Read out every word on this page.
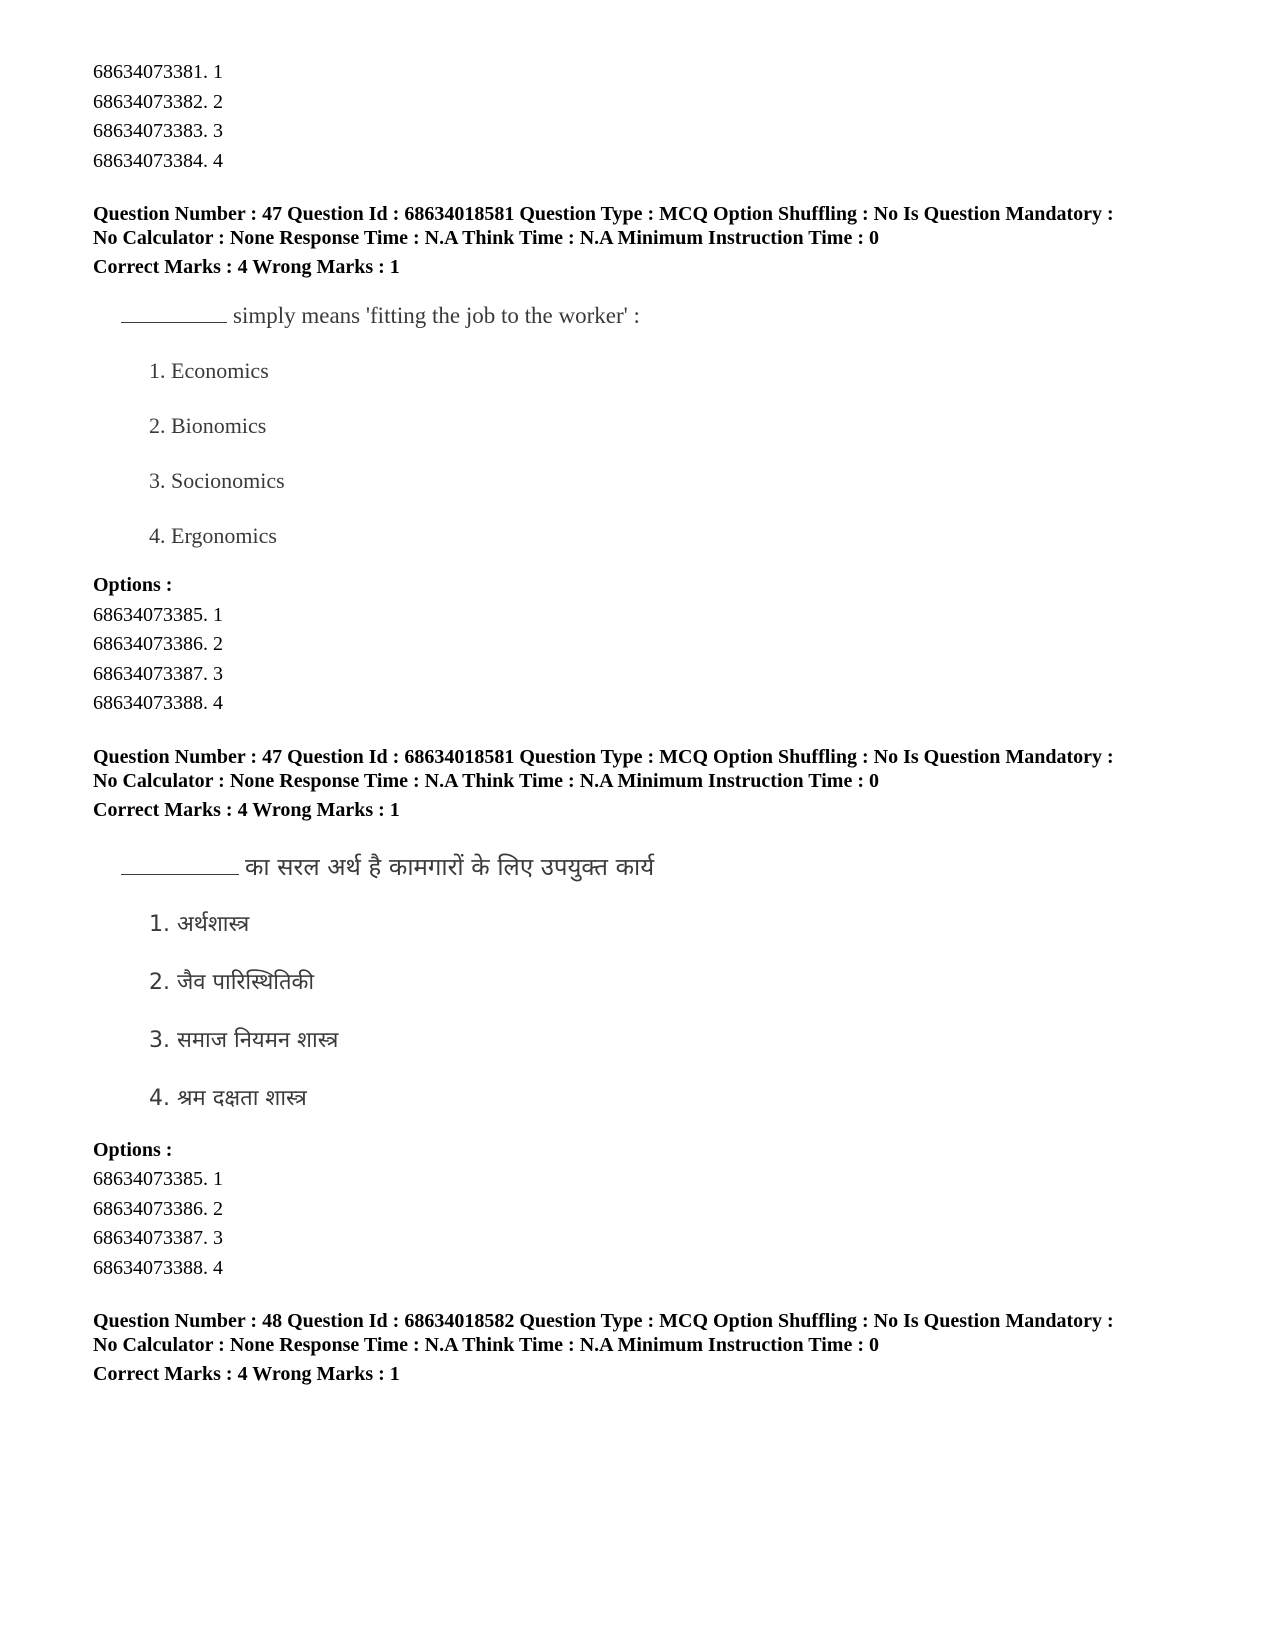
68634073381. 1
68634073382. 2
68634073383. 3
68634073384. 4
Question Number : 47 Question Id : 68634018581 Question Type : MCQ Option Shuffling : No Is Question Mandatory :
No Calculator : None Response Time : N.A Think Time : N.A Minimum Instruction Time : 0
Correct Marks : 4 Wrong Marks : 1
simply means 'fitting the job to the worker' :
1. Economics
2. Bionomics
3. Socionomics
4. Ergonomics
Options :
68634073385. 1
68634073386. 2
68634073387. 3
68634073388. 4
Question Number : 47 Question Id : 68634018581 Question Type : MCQ Option Shuffling : No Is Question Mandatory :
No Calculator : None Response Time : N.A Think Time : N.A Minimum Instruction Time : 0
Correct Marks : 4 Wrong Marks : 1
का सरल अर्थ है कामगारों के लिए उपयुक्त कार्य
1. अर्थशास्त्र
2. जैव पारिस्थितिकी
3. समाज नियमन शास्त्र
4. श्रम दक्षता शास्त्र
Options :
68634073385. 1
68634073386. 2
68634073387. 3
68634073388. 4
Question Number : 48 Question Id : 68634018582 Question Type : MCQ Option Shuffling : No Is Question Mandatory :
No Calculator : None Response Time : N.A Think Time : N.A Minimum Instruction Time : 0
Correct Marks : 4 Wrong Marks : 1
